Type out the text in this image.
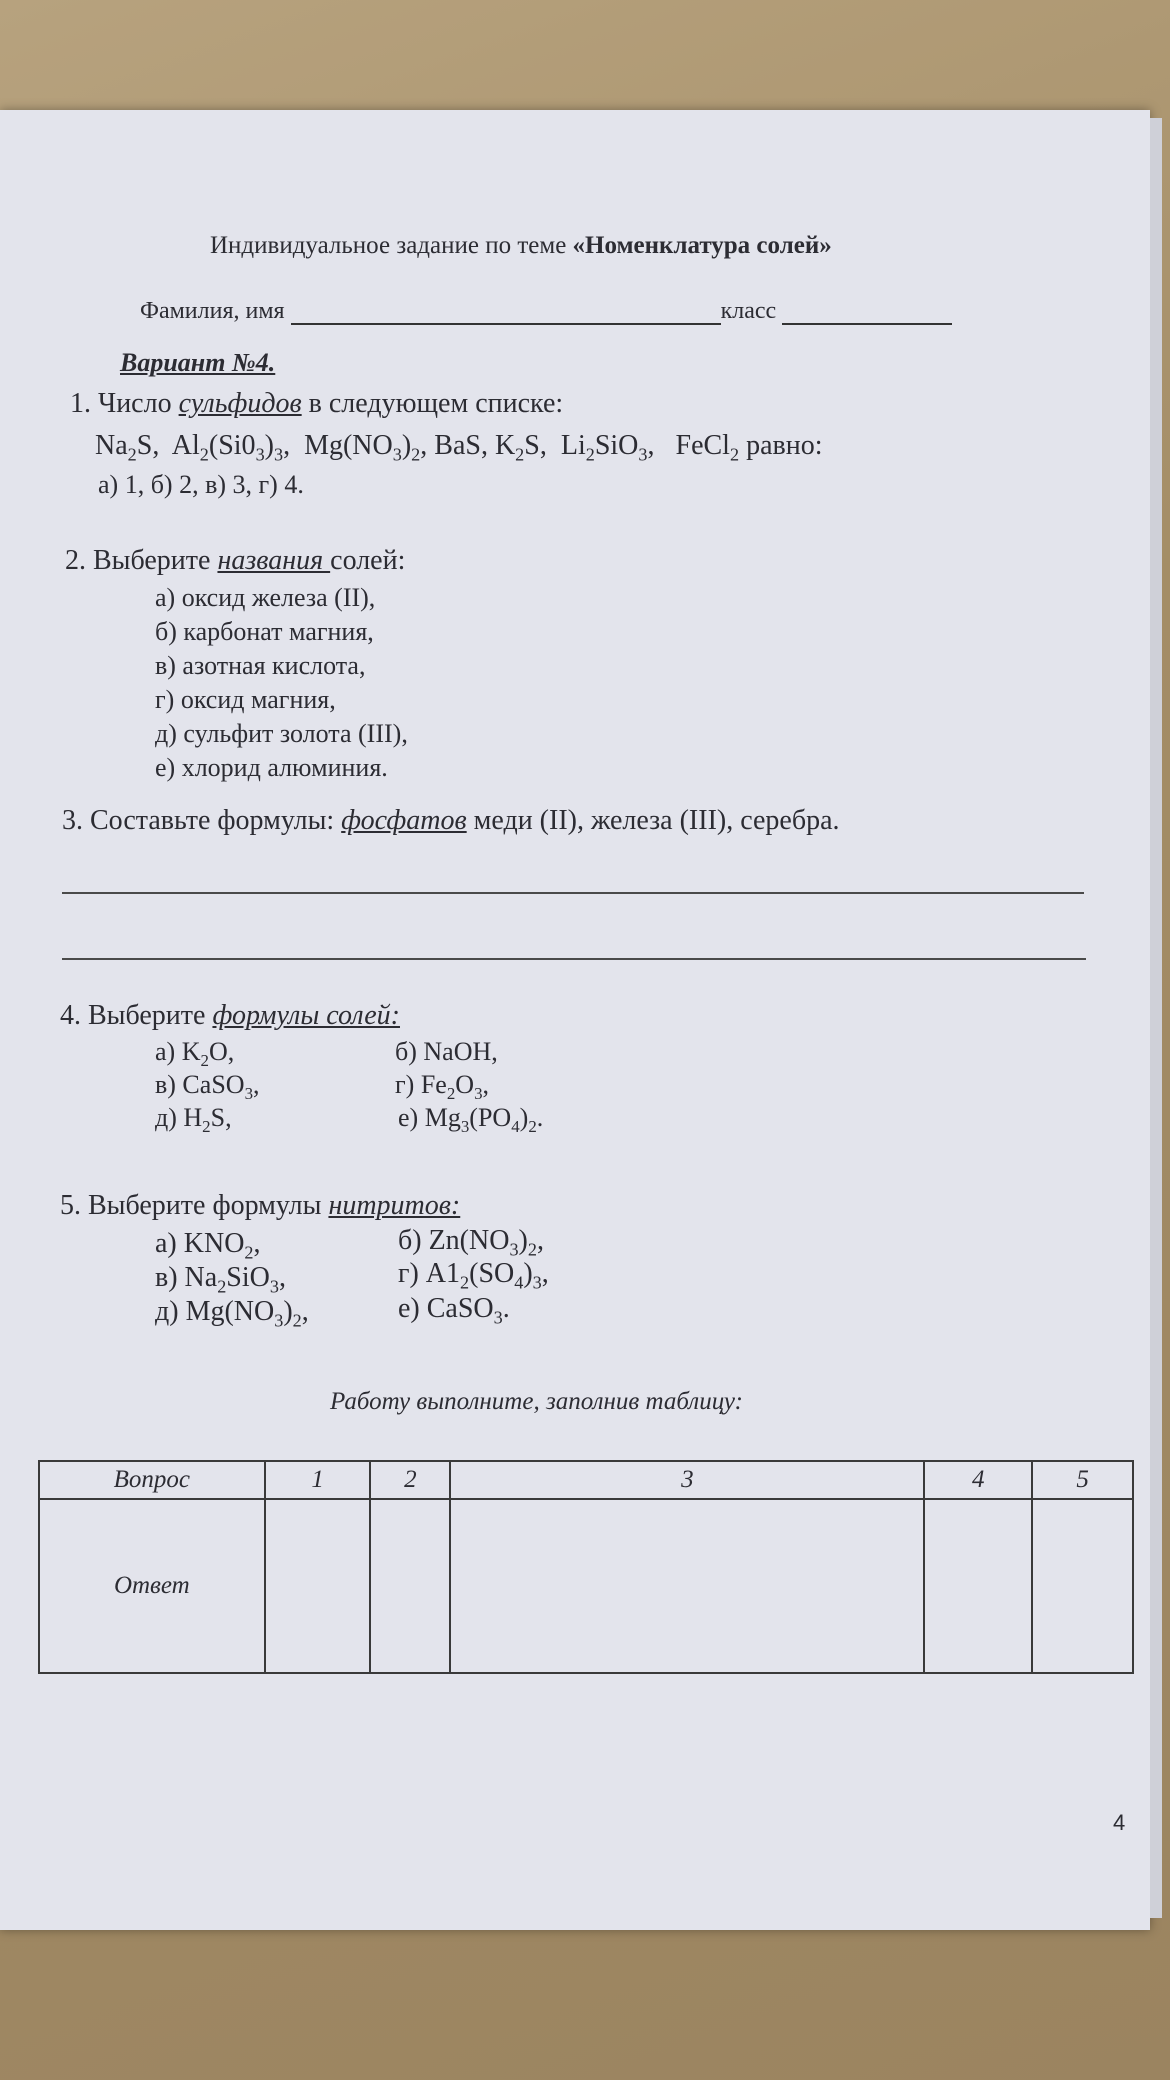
Индивидуальное задание по теме «Номенклатура солей»
Фамилия, имя	класс
Вариант №4.
1. Число сульфидов в следующем списке:
$Na_2S$,  $Al_2(Si0_3)_3$,  $Mg(NO_3)_2$, BaS, $K_2S$,  $Li_2SiO_3$,   FeCl$_2$ равно:
а) 1, б) 2, в) 3, г) 4.
2. Выберите названия солей:
а) оксид железа (II),
б) карбонат магния,
в) азотная кислота,
г) оксид магния,
д) сульфит золота (III),
е) хлорид алюминия.
3. Составьте формулы: фосфатов меди (II), железа (III), серебра.
4. Выберите формулы солей:
а) $K_2O$,	б) NaOH,
в) CaSO$_3$,	г) $Fe_2O_3$,
д) $H_2S$,	е) $Mg_3(PO_4)_2$.
5. Выберите формулы нитритов:
а) $KNO_2$,	б) $Zn(NO_3)_2$,
в) $Na_2SiO_3$,	г) $A1_2(SO_4)_3$,
д) $Mg(NO_3)_2$,	е) CaSO$_3$.
Работу выполните, заполнив таблицу:
Вопрос	1	2	3	4	5
Ответ					
4
